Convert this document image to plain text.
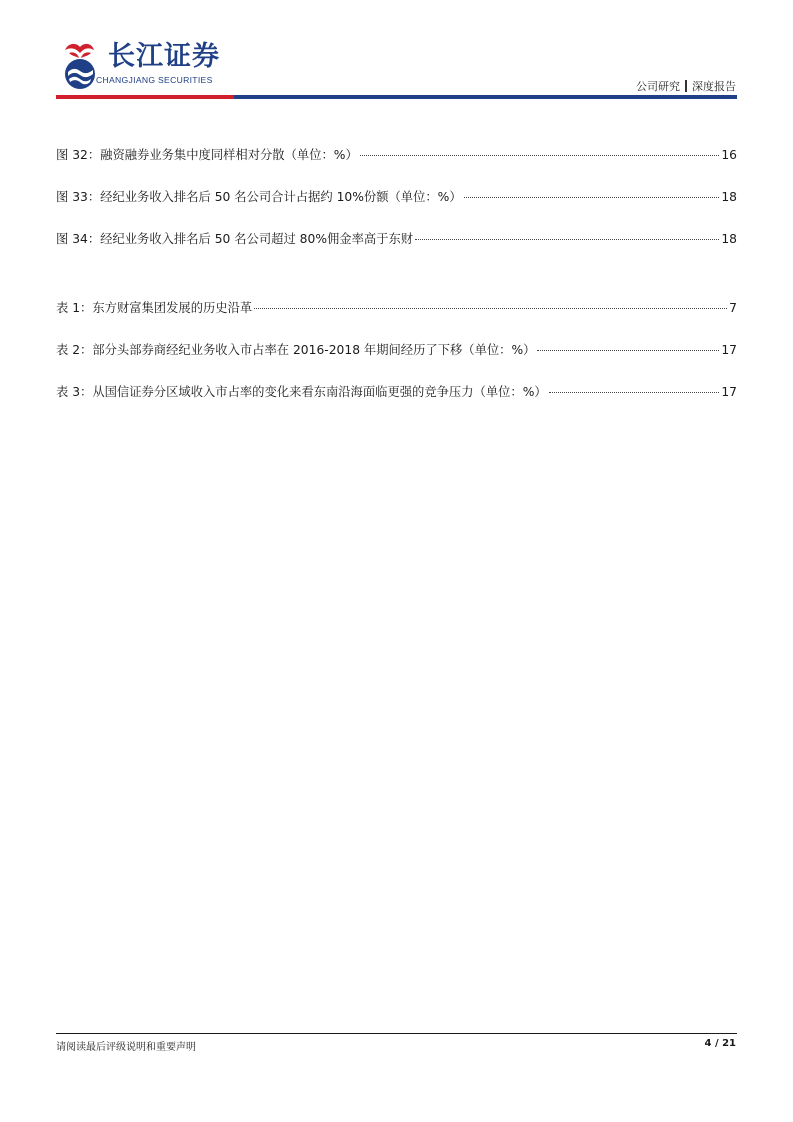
长江证券
CHANGJIANG SECURITIES	公司研究 深度报告
图 32：融资融券业务集中度同样相对分散（单位：%）	16
图 33：经纪业务收入排名后 50 名公司合计占据约 10%份额（单位：%）	18
图 34：经纪业务收入排名后 50 名公司超过 80%佣金率高于东财	18
表 1：东方财富集团发展的历史沿革	7
表 2：部分头部券商经纪业务收入市占率在 2016-2018 年期间经历了下移（单位：%）	17
表 3：从国信证券分区域收入市占率的变化来看东南沿海面临更强的竞争压力（单位：%）	17
请阅读最后评级说明和重要声明	4 / 21
